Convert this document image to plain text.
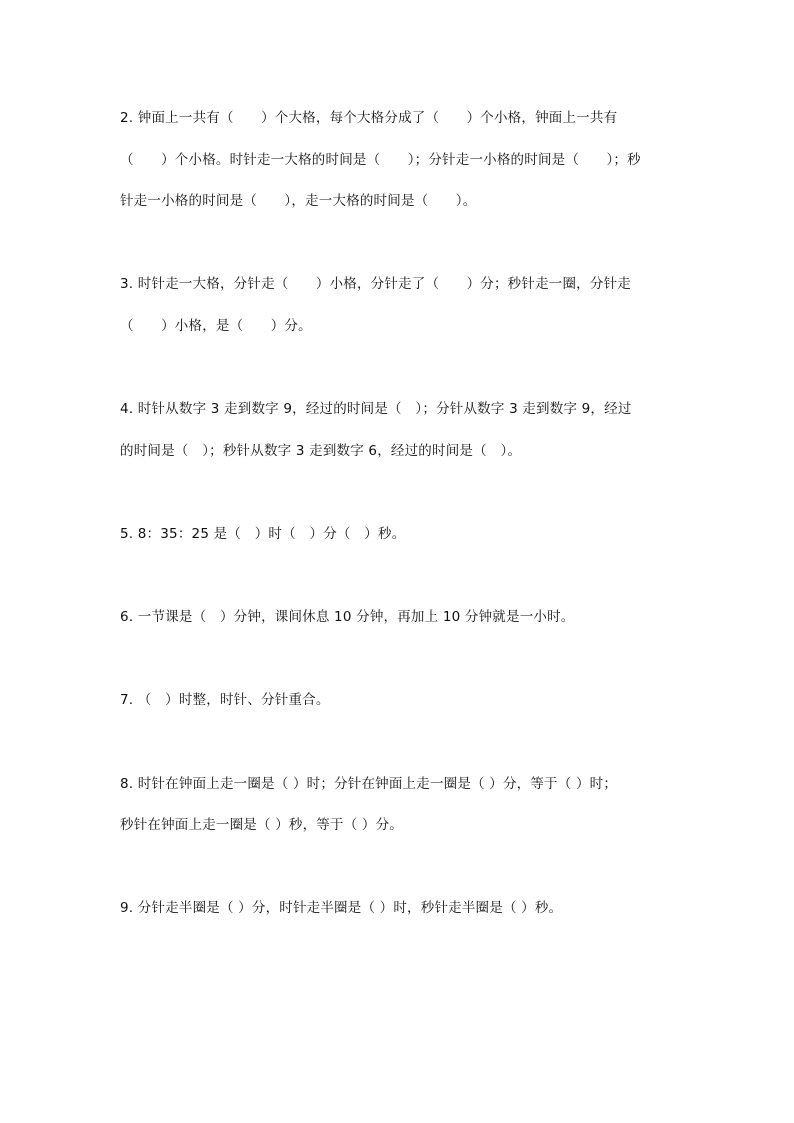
2. 钟面上一共有（　　）个大格，每个大格分成了（　　）个小格，钟面上一共有
（　　）个小格。时针走一大格的时间是（　　）；分针走一小格的时间是（　　）；秒
针走一小格的时间是（　　），走一大格的时间是（　　）。
3. 时针走一大格，分针走（　　）小格，分针走了（　　）分；秒针走一圈，分针走
（　　）小格，是（　　）分。
4. 时针从数字 3 走到数字 9，经过的时间是（　）；分针从数字 3 走到数字 9，经过
的时间是（　）；秒针从数字 3 走到数字 6，经过的时间是（　）。
5. 8：35：25 是（　）时（　）分（　）秒。
6. 一节课是（　）分钟，课间休息 10 分钟，再加上 10 分钟就是一小时。
7. （　）时整，时针、分针重合。
8. 时针在钟面上走一圈是（ ）时；分针在钟面上走一圈是（ ）分，等于（ ）时；
秒针在钟面上走一圈是（ ）秒，等于（ ）分。
9. 分针走半圈是（ ）分，时针走半圈是（ ）时，秒针走半圈是（ ）秒。
